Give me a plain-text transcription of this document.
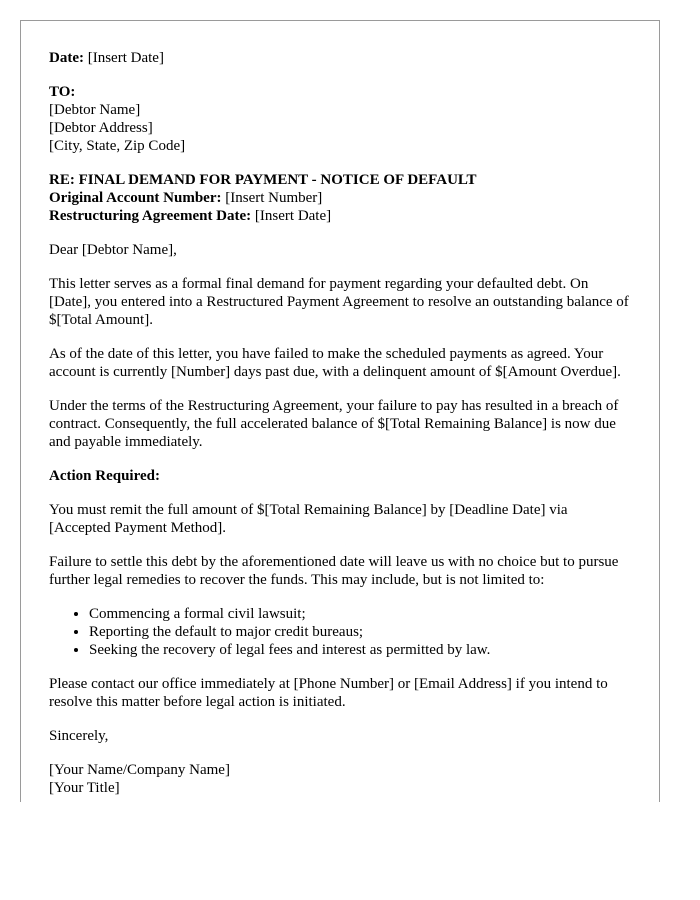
Date: [Insert Date]

TO:
[Debtor Name]
[Debtor Address]
[City, State, Zip Code]
RE: FINAL DEMAND FOR PAYMENT - NOTICE OF DEFAULT
Original Account Number: [Insert Number]
Restructuring Agreement Date: [Insert Date]

Dear [Debtor Name],

This letter serves as a formal final demand for payment regarding your defaulted debt. On [Date], you entered into a Restructured Payment Agreement to resolve an outstanding balance of $[Total Amount].

As of the date of this letter, you have failed to make the scheduled payments as agreed. Your account is currently [Number] days past due, with a delinquent amount of $[Amount Overdue].

Under the terms of the Restructuring Agreement, your failure to pay has resulted in a breach of contract. Consequently, the full accelerated balance of $[Total Remaining Balance] is now due and payable immediately.

Action Required:

You must remit the full amount of $[Total Remaining Balance] by [Deadline Date] via [Accepted Payment Method].

Failure to settle this debt by the aforementioned date will leave us with no choice but to pursue further legal remedies to recover the funds. This may include, but is not limited to:

• Commencing a formal civil lawsuit;
• Reporting the default to major credit bureaus;
• Seeking the recovery of legal fees and interest as permitted by law.

Please contact our office immediately at [Phone Number] or [Email Address] if you intend to resolve this matter before legal action is initiated.

Sincerely,

[Your Name/Company Name]
[Your Title]
